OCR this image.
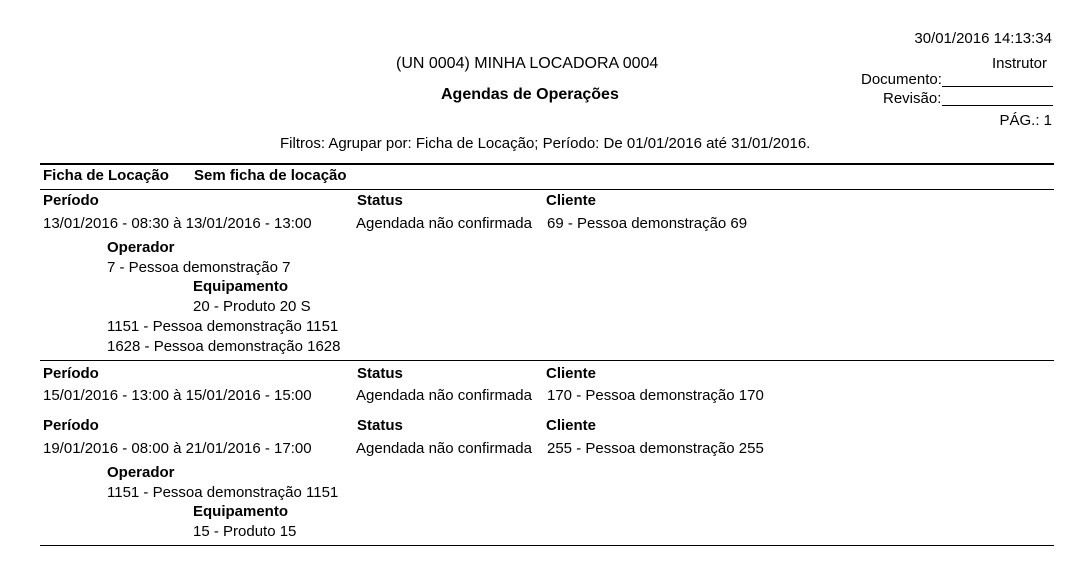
30/01/2016 14:13:34
(UN 0004) MINHA LOCADORA 0004
Agendas de Operações
Instrutor
Documento:
Revisão:
PÁG.: 1
Filtros: Agrupar por: Ficha de Locação; Período: De 01/01/2016 até 31/01/2016.
Ficha de Locação Sem ficha de locação
Período	Status	Cliente
13/01/2016 - 08:30 à 13/01/2016 - 13:00	Agendada não confirmada 69 - Pessoa demonstração 69
Operador
7 - Pessoa demonstração 7
Equipamento
20 - Produto 20 S
1151 - Pessoa demonstração 1151
1628 - Pessoa demonstração 1628
Período	Status	Cliente
15/01/2016 - 13:00 à 15/01/2016 - 15:00	Agendada não confirmada 170 - Pessoa demonstração 170
Período	Status	Cliente
19/01/2016 - 08:00 à 21/01/2016 - 17:00	Agendada não confirmada 255 - Pessoa demonstração 255
Operador
1151 - Pessoa demonstração 1151
Equipamento
15 - Produto 15
